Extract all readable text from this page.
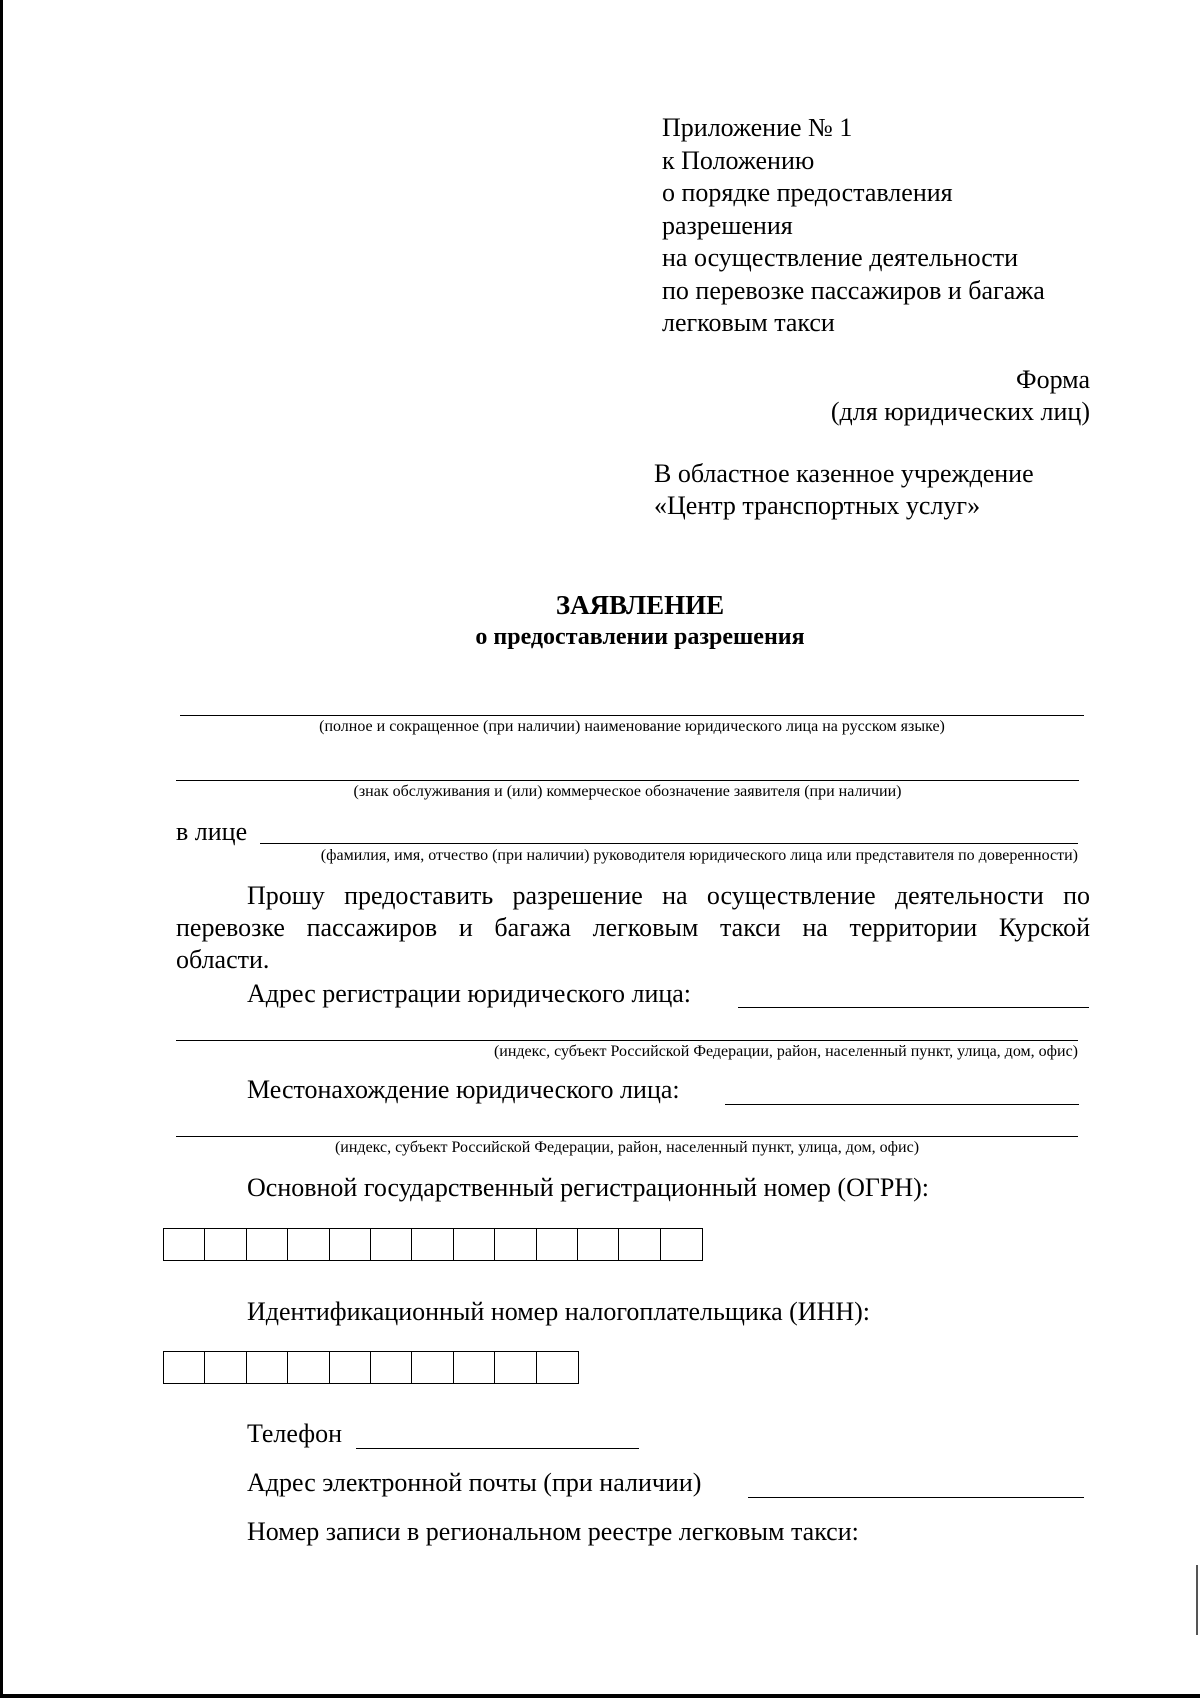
Приложение № 1
к Положению
о порядке предоставления
разрешения
на осуществление деятельности
по перевозке пассажиров и багажа
легковым такси
Форма
(для юридических лиц)
В областное казенное учреждение
«Центр транспортных услуг»
ЗАЯВЛЕНИЕ
о предоставлении разрешения
(полное и сокращенное (при наличии) наименование юридического лица на русском языке)
(знак обслуживания и (или) коммерческое обозначение заявителя (при наличии)
в лице
(фамилия, имя, отчество (при наличии) руководителя юридического лица или представителя по доверенности)
Прошу предоставить разрешение на осуществление деятельности по
перевозке пассажиров и багажа легковым такси на территории Курской
области.
Адрес регистрации юридического лица:
(индекс, субъект Российской Федерации, район, населенный пункт, улица, дом, офис)
Местонахождение юридического лица:
(индекс, субъект Российской Федерации, район, населенный пункт, улица, дом, офис)
Основной государственный регистрационный номер (ОГРН):
Идентификационный номер налогоплательщика (ИНН):
Телефон
Адрес электронной почты (при наличии)
Номер записи в региональном реестре легковым такси:
